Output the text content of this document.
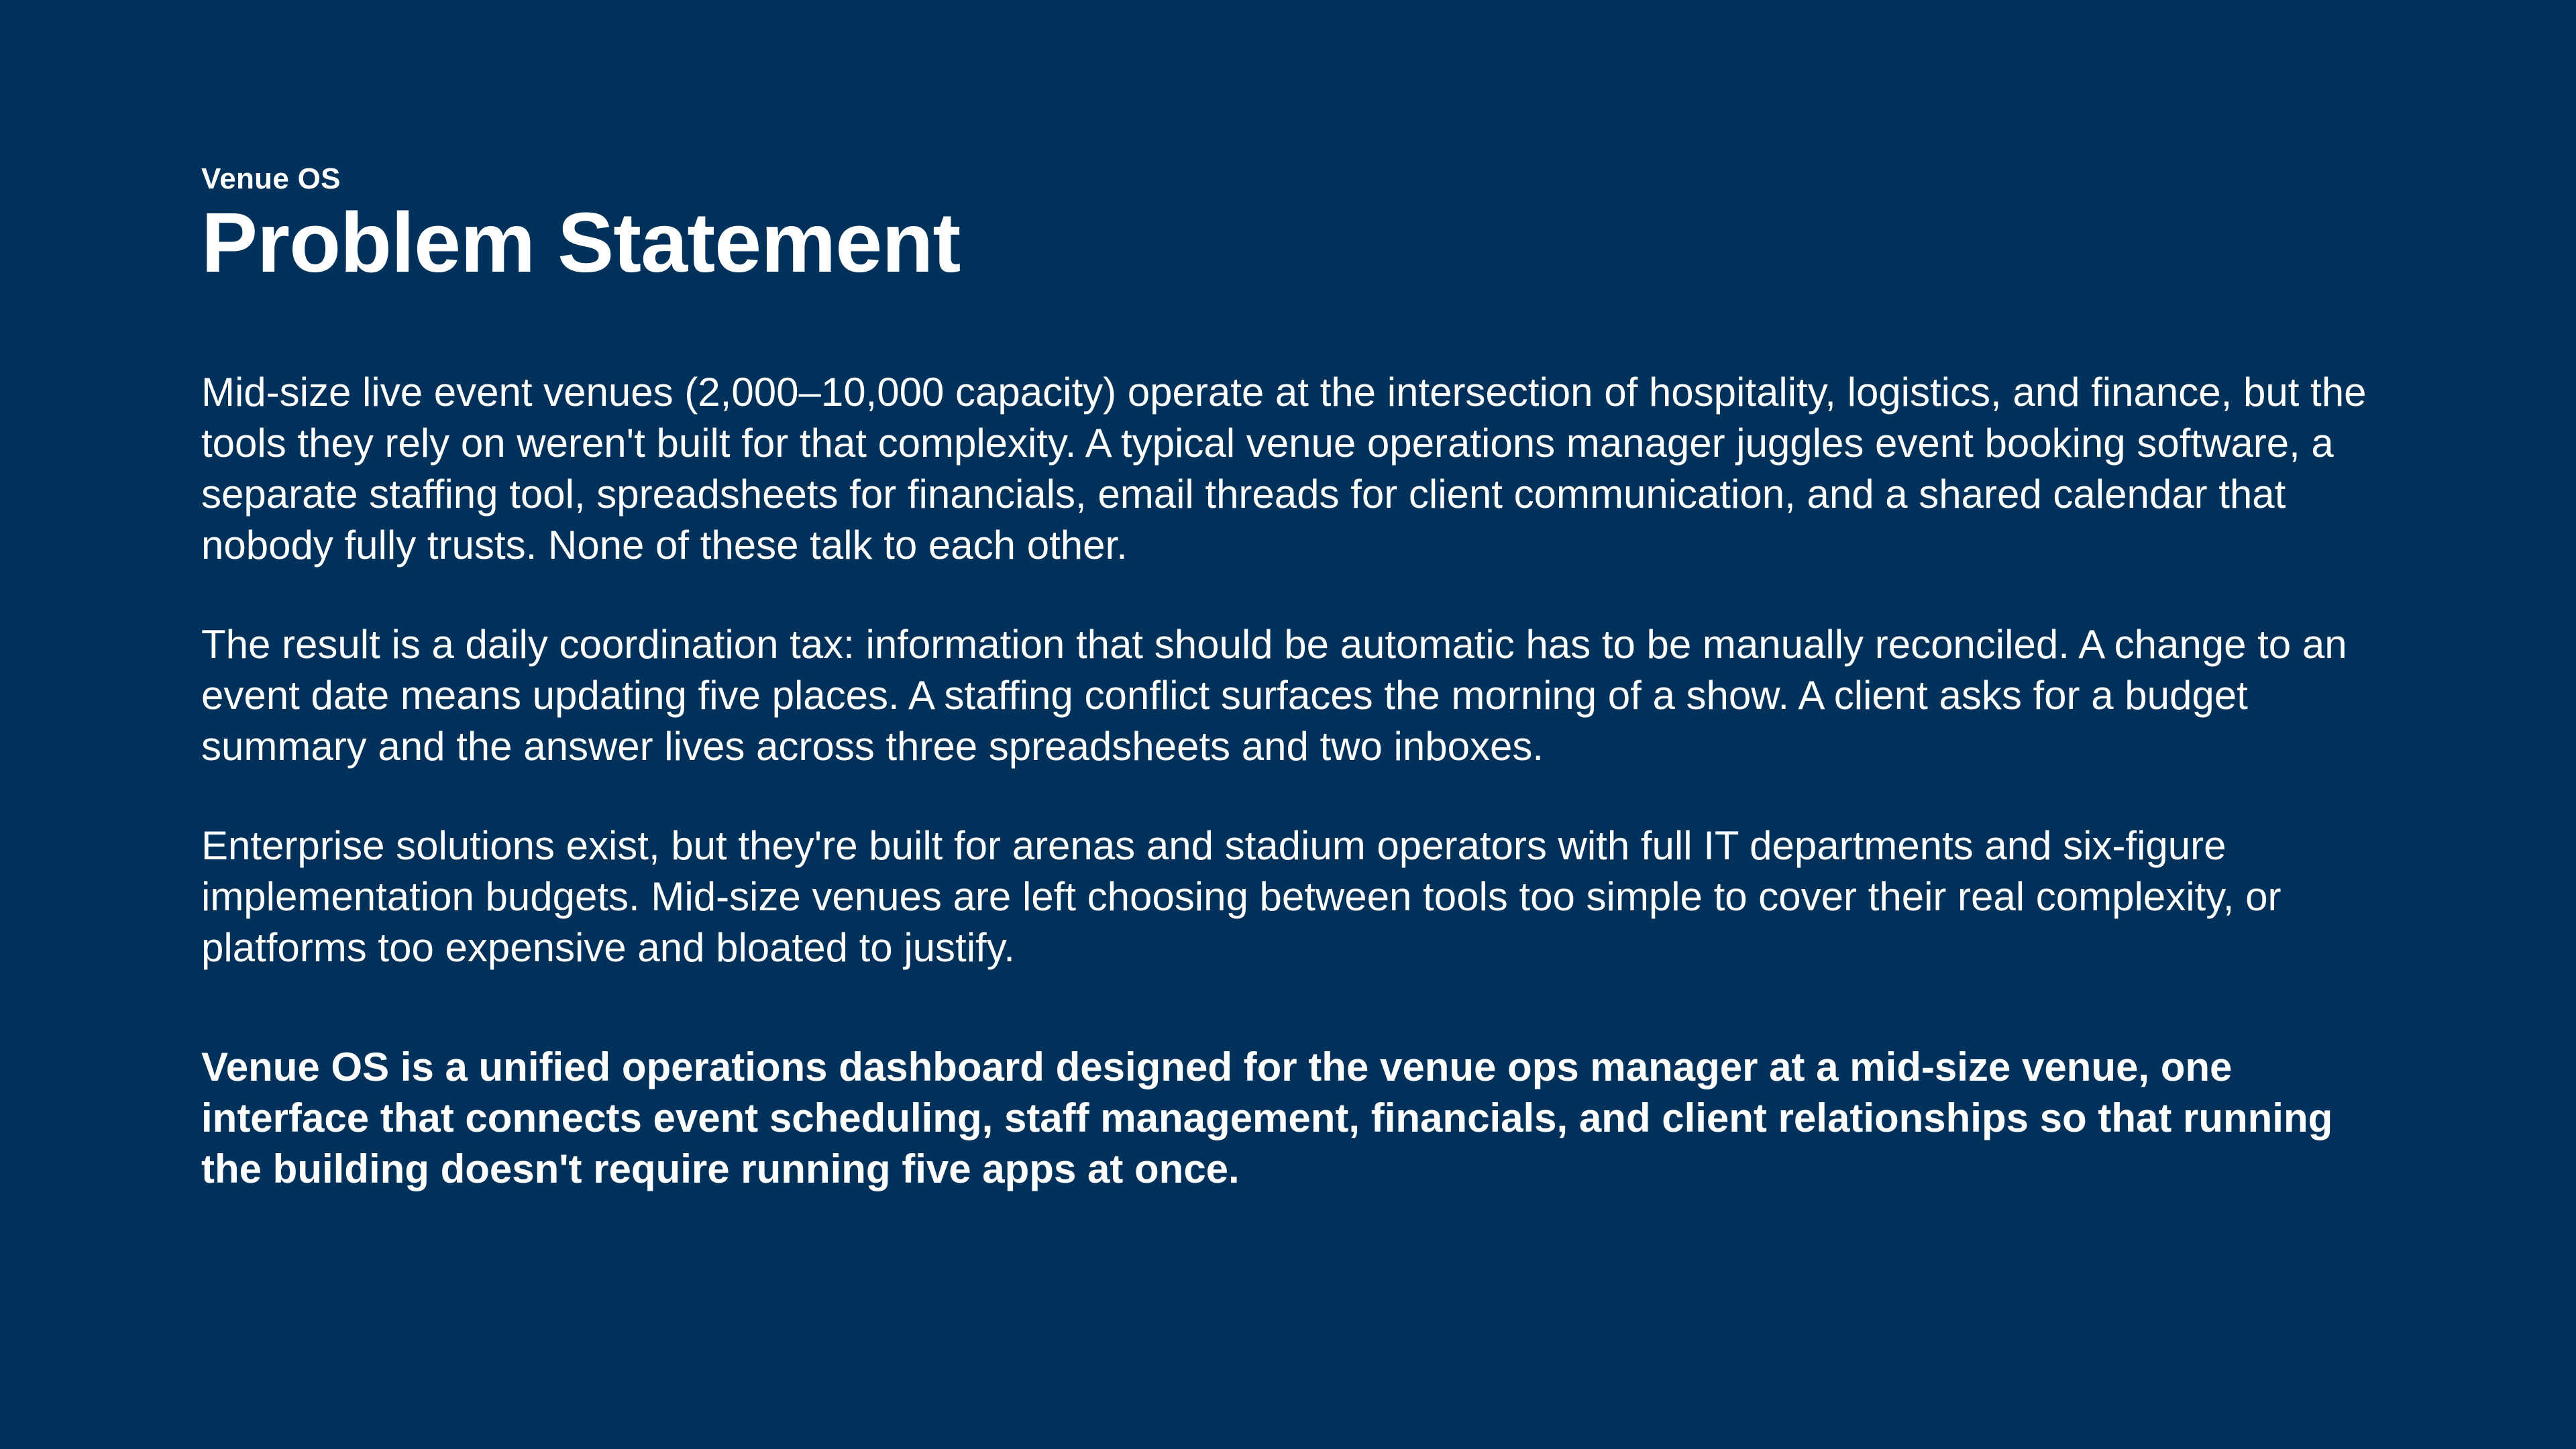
Venue OS

Problem Statement

Mid-size live event venues (2,000–10,000 capacity) operate at the intersection of hospitality, logistics, and finance, but the tools they rely on weren't built for that complexity. A typical venue operations manager juggles event booking software, a separate staffing tool, spreadsheets for financials, email threads for client communication, and a shared calendar that nobody fully trusts. None of these talk to each other.

The result is a daily coordination tax: information that should be automatic has to be manually reconciled. A change to an event date means updating five places. A staffing conflict surfaces the morning of a show. A client asks for a budget summary and the answer lives across three spreadsheets and two inboxes.

Enterprise solutions exist, but they're built for arenas and stadium operators with full IT departments and six-figure implementation budgets. Mid-size venues are left choosing between tools too simple to cover their real complexity, or platforms too expensive and bloated to justify.

Venue OS is a unified operations dashboard designed for the venue ops manager at a mid-size venue, one interface that connects event scheduling, staff management, financials, and client relationships so that running the building doesn't require running five apps at once.
